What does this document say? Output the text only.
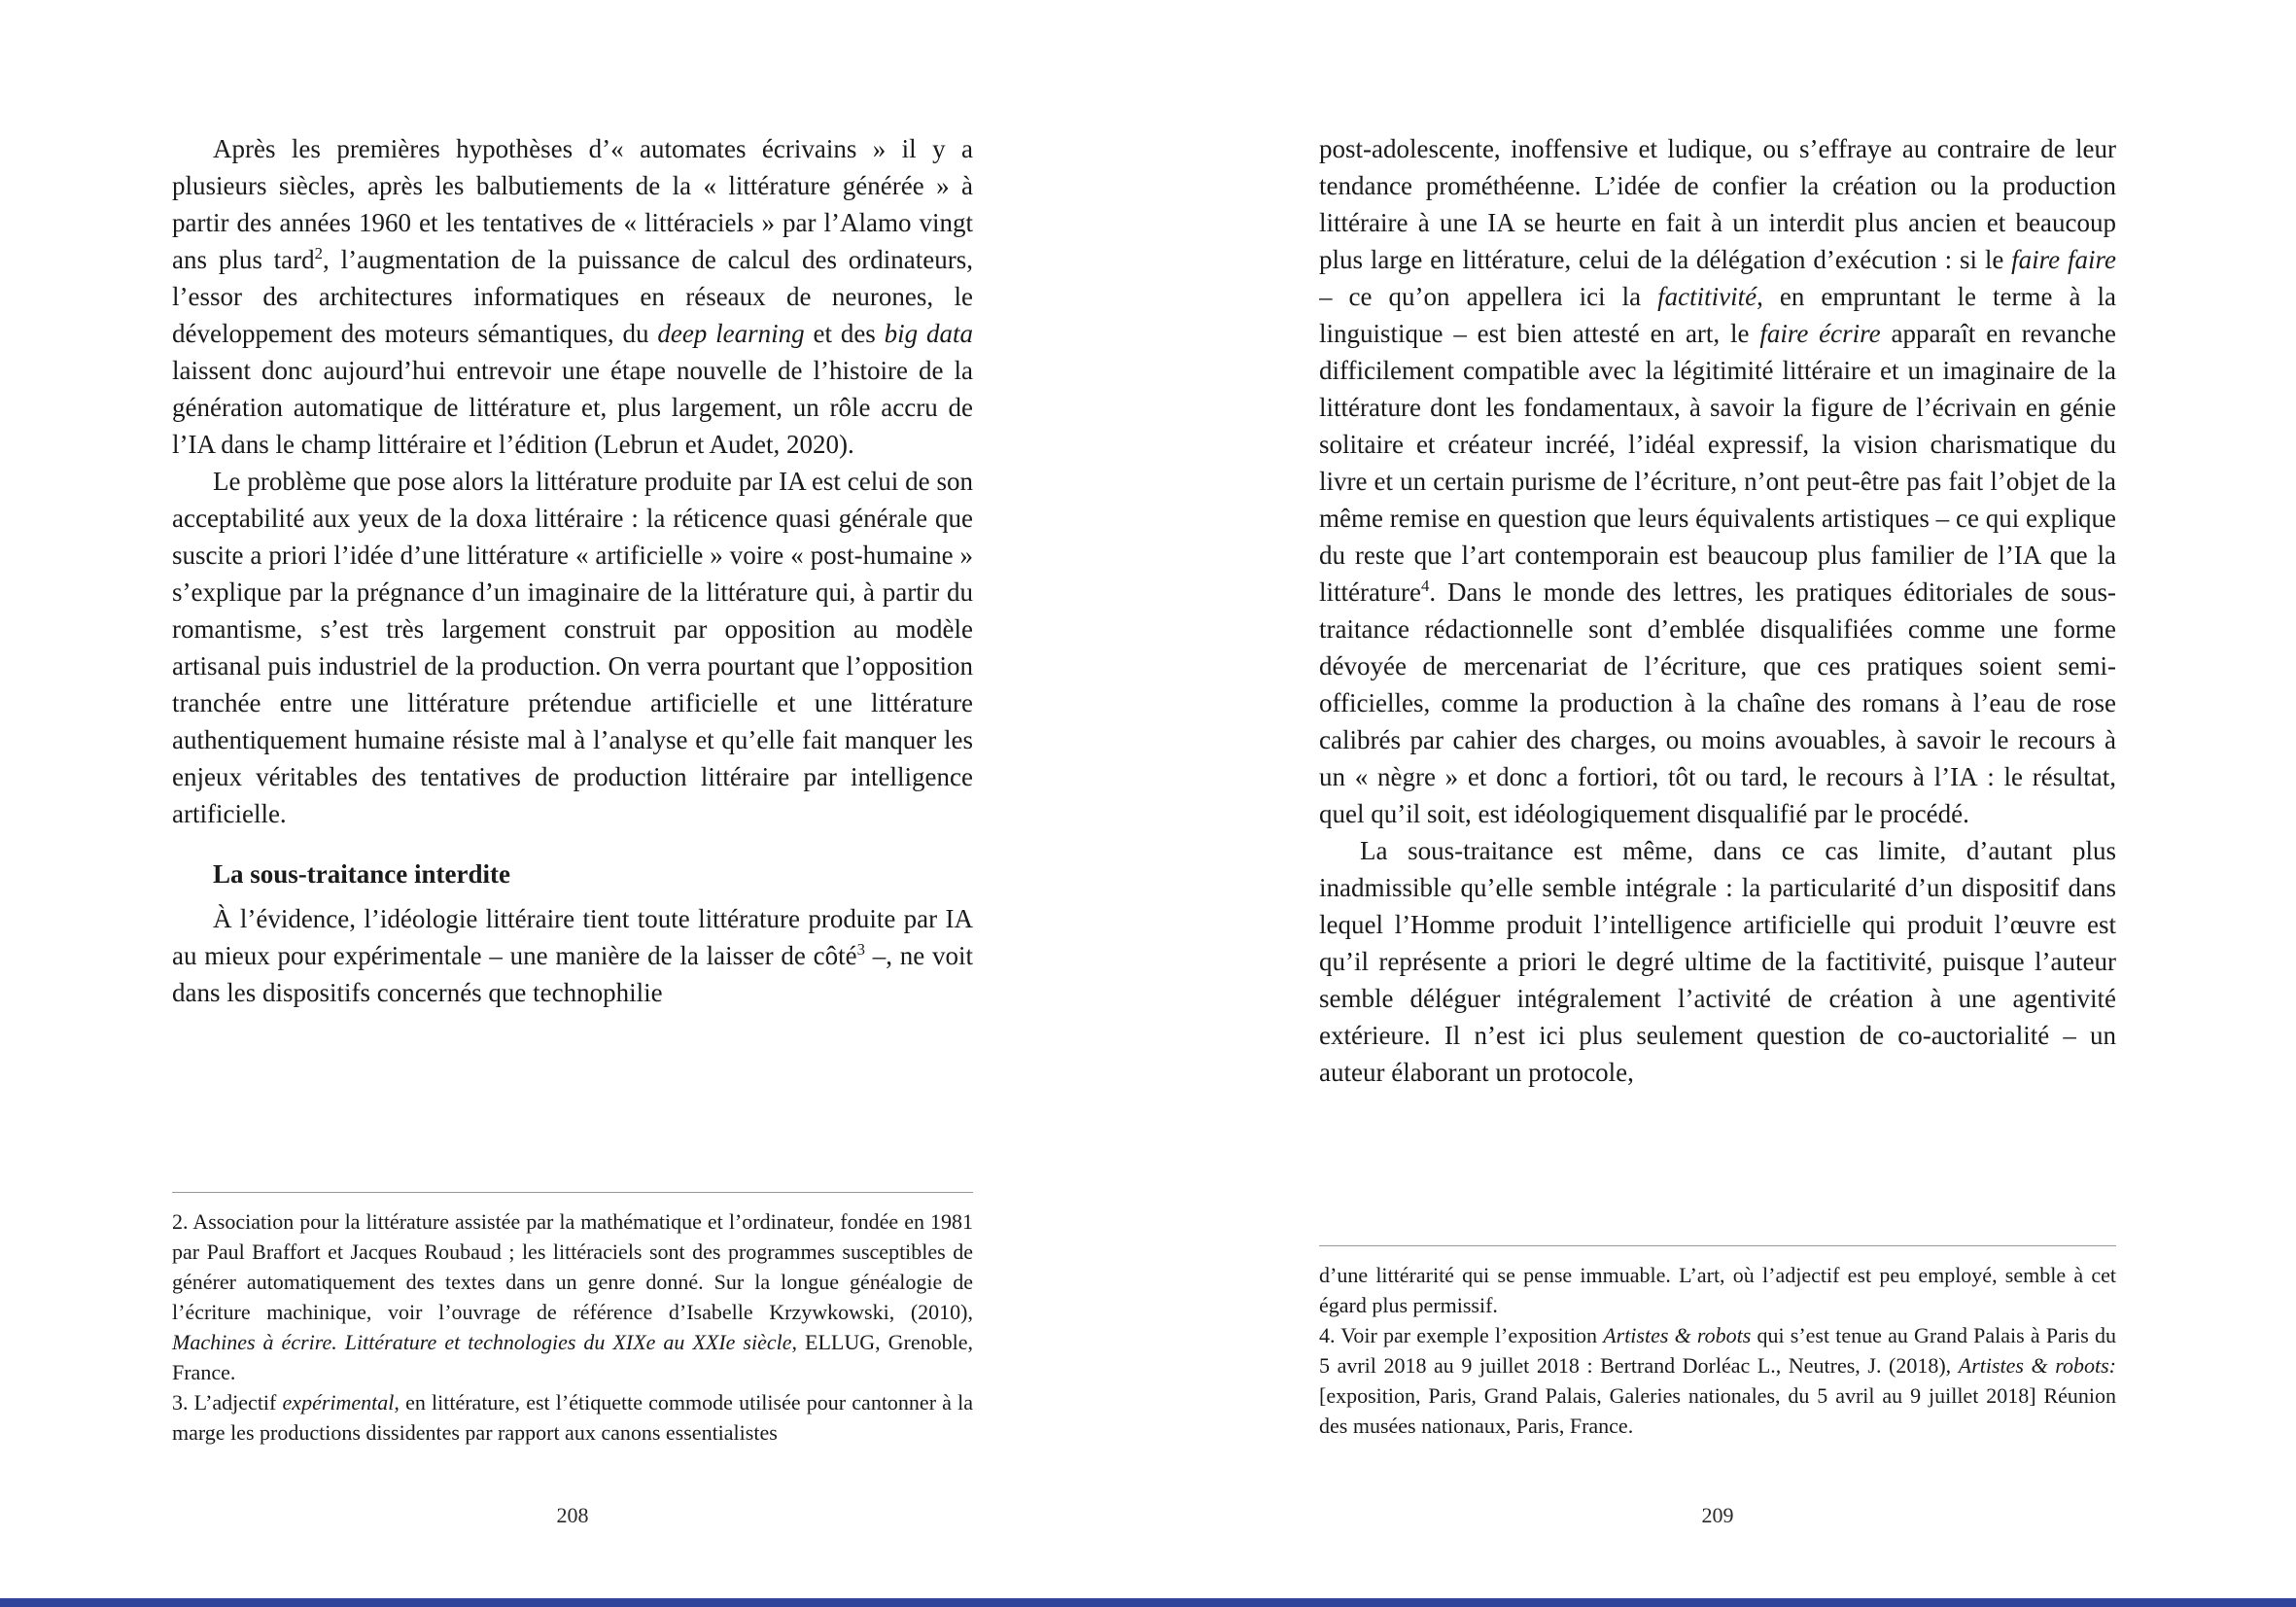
Après les premières hypothèses d’« automates écrivains » il y a plusieurs siècles, après les balbutiements de la « littérature générée » à partir des années 1960 et les tentatives de « littéraciels » par l’Alamo vingt ans plus tard$^2$, l’augmentation de la puissance de calcul des ordinateurs, l’essor des architectures informatiques en réseaux de neurones, le développement des moteurs sémantiques, du deep learning et des big data laissent donc aujourd’hui entrevoir une étape nouvelle de l’histoire de la génération automatique de littérature et, plus largement, un rôle accru de l’IA dans le champ littéraire et l’édition (Lebrun et Audet, 2020).
Le problème que pose alors la littérature produite par IA est celui de son acceptabilité aux yeux de la doxa littéraire : la réticence quasi générale que suscite a priori l’idée d’une littérature « artificielle » voire « post-humaine » s’explique par la prégnance d’un imaginaire de la littérature qui, à partir du romantisme, s’est très largement construit par opposition au modèle artisanal puis industriel de la production. On verra pourtant que l’opposition tranchée entre une littérature prétendue artificielle et une littérature authentiquement humaine résiste mal à l’analyse et qu’elle fait manquer les enjeux véritables des tentatives de production littéraire par intelligence artificielle.
La sous-traitance interdite
À l’évidence, l’idéologie littéraire tient toute littérature produite par IA au mieux pour expérimentale – une manière de la laisser de côté$^3$ –, ne voit dans les dispositifs concernés que technophilie
2. Association pour la littérature assistée par la mathématique et l’ordinateur, fondée en 1981 par Paul Braffort et Jacques Roubaud ; les littéraciels sont des programmes susceptibles de générer automatiquement des textes dans un genre donné. Sur la longue généalogie de l’écriture machinique, voir l’ouvrage de référence d’Isabelle Krzywkowski, (2010), Machines à écrire. Littérature et technologies du XIXe au XXIe siècle, ELLUG, Grenoble, France.
3. L’adjectif expérimental, en littérature, est l’étiquette commode utilisée pour cantonner à la marge les productions dissidentes par rapport aux canons essentialistes
208
post-adolescente, inoffensive et ludique, ou s’effraye au contraire de leur tendance prométhéenne. L’idée de confier la création ou la production littéraire à une IA se heurte en fait à un interdit plus ancien et beaucoup plus large en littérature, celui de la délégation d’exécution : si le faire faire – ce qu’on appellera ici la factitivité, en empruntant le terme à la linguistique – est bien attesté en art, le faire écrire apparaît en revanche difficilement compatible avec la légitimité littéraire et un imaginaire de la littérature dont les fondamentaux, à savoir la figure de l’écrivain en génie solitaire et créateur incréé, l’idéal expressif, la vision charismatique du livre et un certain purisme de l’écriture, n’ont peut-être pas fait l’objet de la même remise en question que leurs équivalents artistiques – ce qui explique du reste que l’art contemporain est beaucoup plus familier de l’IA que la littérature$^4$. Dans le monde des lettres, les pratiques éditoriales de sous-traitance rédactionnelle sont d’emblée disqualifiées comme une forme dévoyée de mercenariat de l’écriture, que ces pratiques soient semi-officielles, comme la production à la chaîne des romans à l’eau de rose calibrés par cahier des charges, ou moins avouables, à savoir le recours à un « nègre » et donc a fortiori, tôt ou tard, le recours à l’IA : le résultat, quel qu’il soit, est idéologiquement disqualifié par le procédé.
La sous-traitance est même, dans ce cas limite, d’autant plus inadmissible qu’elle semble intégrale : la particularité d’un dispositif dans lequel l’Homme produit l’intelligence artificielle qui produit l’œuvre est qu’il représente a priori le degré ultime de la factitivité, puisque l’auteur semble déléguer intégralement l’activité de création à une agentivité extérieure. Il n’est ici plus seulement question de co-auctorialité – un auteur élaborant un protocole,
d’une littérarité qui se pense immuable. L’art, où l’adjectif est peu employé, semble à cet égard plus permissif.
4. Voir par exemple l’exposition Artistes & robots qui s’est tenue au Grand Palais à Paris du 5 avril 2018 au 9 juillet 2018 : Bertrand Dorléac L., Neutres, J. (2018), Artistes & robots: [exposition, Paris, Grand Palais, Galeries nationales, du 5 avril au 9 juillet 2018] Réunion des musées nationaux, Paris, France.
209
